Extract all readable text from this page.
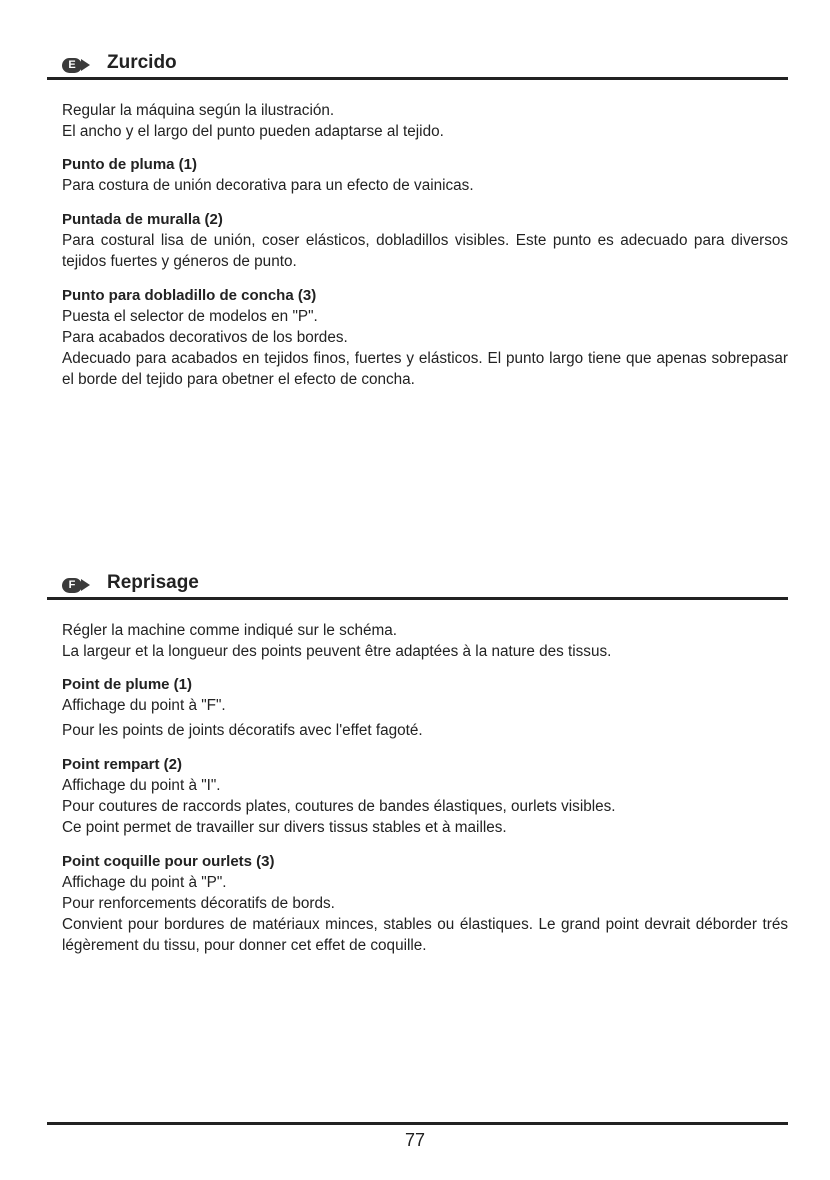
E	Zurcido

Regular la máquina según la ilustración.

El ancho y el largo del punto pueden adaptarse al tejido.

Punto de pluma (1)

Para costura de unión decorativa para un efecto de vainicas.

Puntada de muralla (2)

Para costural lisa de unión, coser elásticos, dobladillos visibles. Este punto es adecuado para diversos tejidos fuertes y géneros de punto.

Punto para dobladillo de concha (3)

Puesta el selector de modelos en "P".

Para acabados decorativos de los bordes.

Adecuado para acabados en tejidos finos, fuertes y elásticos. El punto largo tiene que apenas sobrepasar el borde del tejido para obetner el efecto de concha.

F	Reprisage

Régler la machine comme indiqué sur le schéma.

La largeur et la longueur des points peuvent être adaptées à la nature des tissus.

Point de plume (1)

Affichage du point à "F".

Pour les points de joints décoratifs avec l'effet fagoté.

Point rempart (2)

Affichage du point à "I".

Pour coutures de raccords plates, coutures de bandes élastiques, ourlets visibles.

Ce point permet de travailler sur divers tissus stables et à mailles.

Point coquille pour ourlets (3)

Affichage du point à "P".

Pour renforcements décoratifs de bords.

Convient pour bordures de matériaux minces, stables ou élastiques. Le grand point devrait déborder trés légèrement du tissu, pour donner cet effet de coquille.

77
